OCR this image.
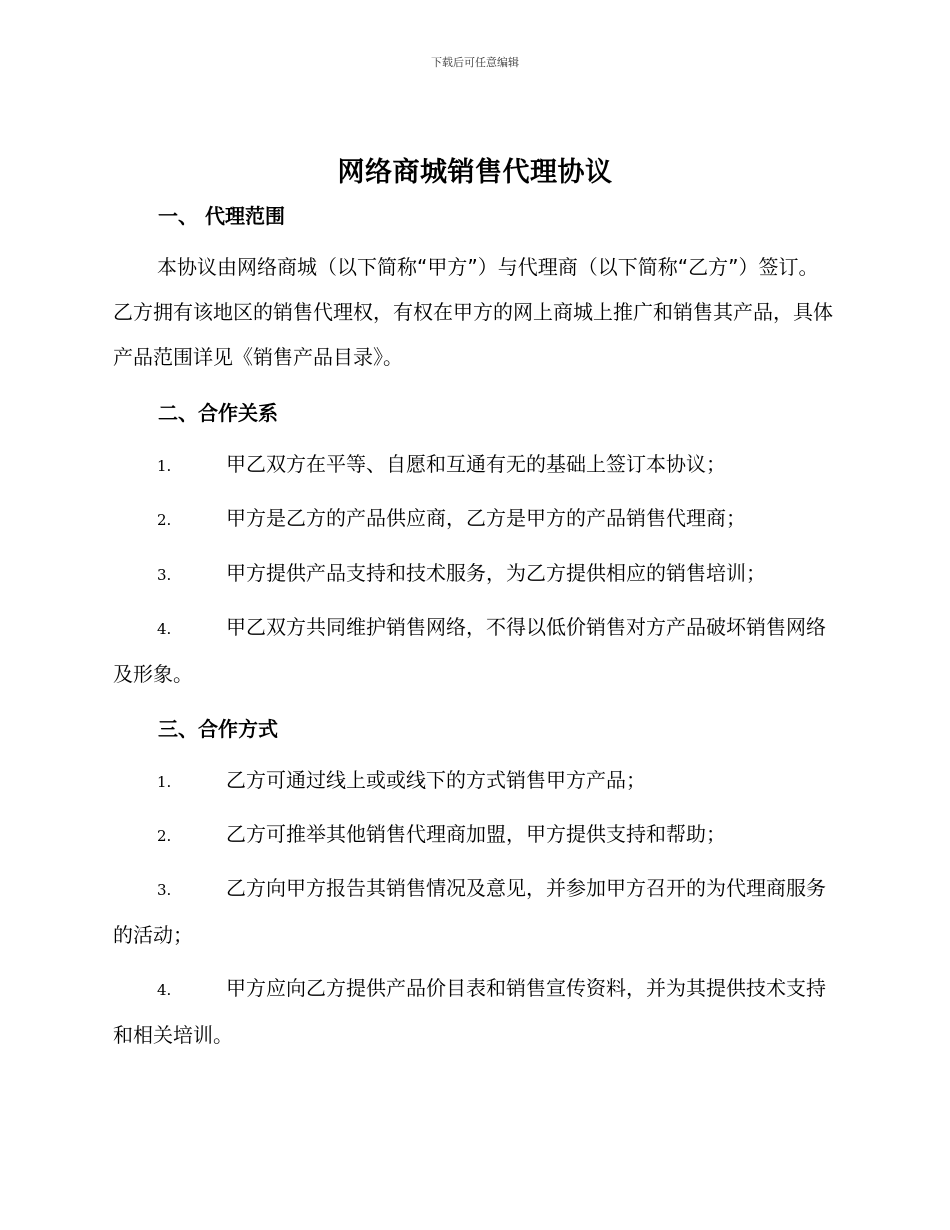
下载后可任意编辑
网络商城销售代理协议
一、 代理范围

本协议由网络商城（以下简称“甲方”）与代理商（以下简称“乙方”）签订。乙方拥有该地区的销售代理权，有权在甲方的网上商城上推广和销售其产品，具体产品范围详见《销售产品目录》。

二、合作关系
1.	甲乙双方在平等、自愿和互通有无的基础上签订本协议；
2.	甲方是乙方的产品供应商，乙方是甲方的产品销售代理商；
3.	甲方提供产品支持和技术服务，为乙方提供相应的销售培训；
4.	甲乙双方共同维护销售网络，不得以低价销售对方产品破坏销售网络及形象。
三、合作方式
1.	乙方可通过线上或或线下的方式销售甲方产品；
2.	乙方可推举其他销售代理商加盟，甲方提供支持和帮助；
3.	乙方向甲方报告其销售情况及意见，并参加甲方召开的为代理商服务的活动；
4.	甲方应向乙方提供产品价目表和销售宣传资料，并为其提供技术支持和相关培训。
